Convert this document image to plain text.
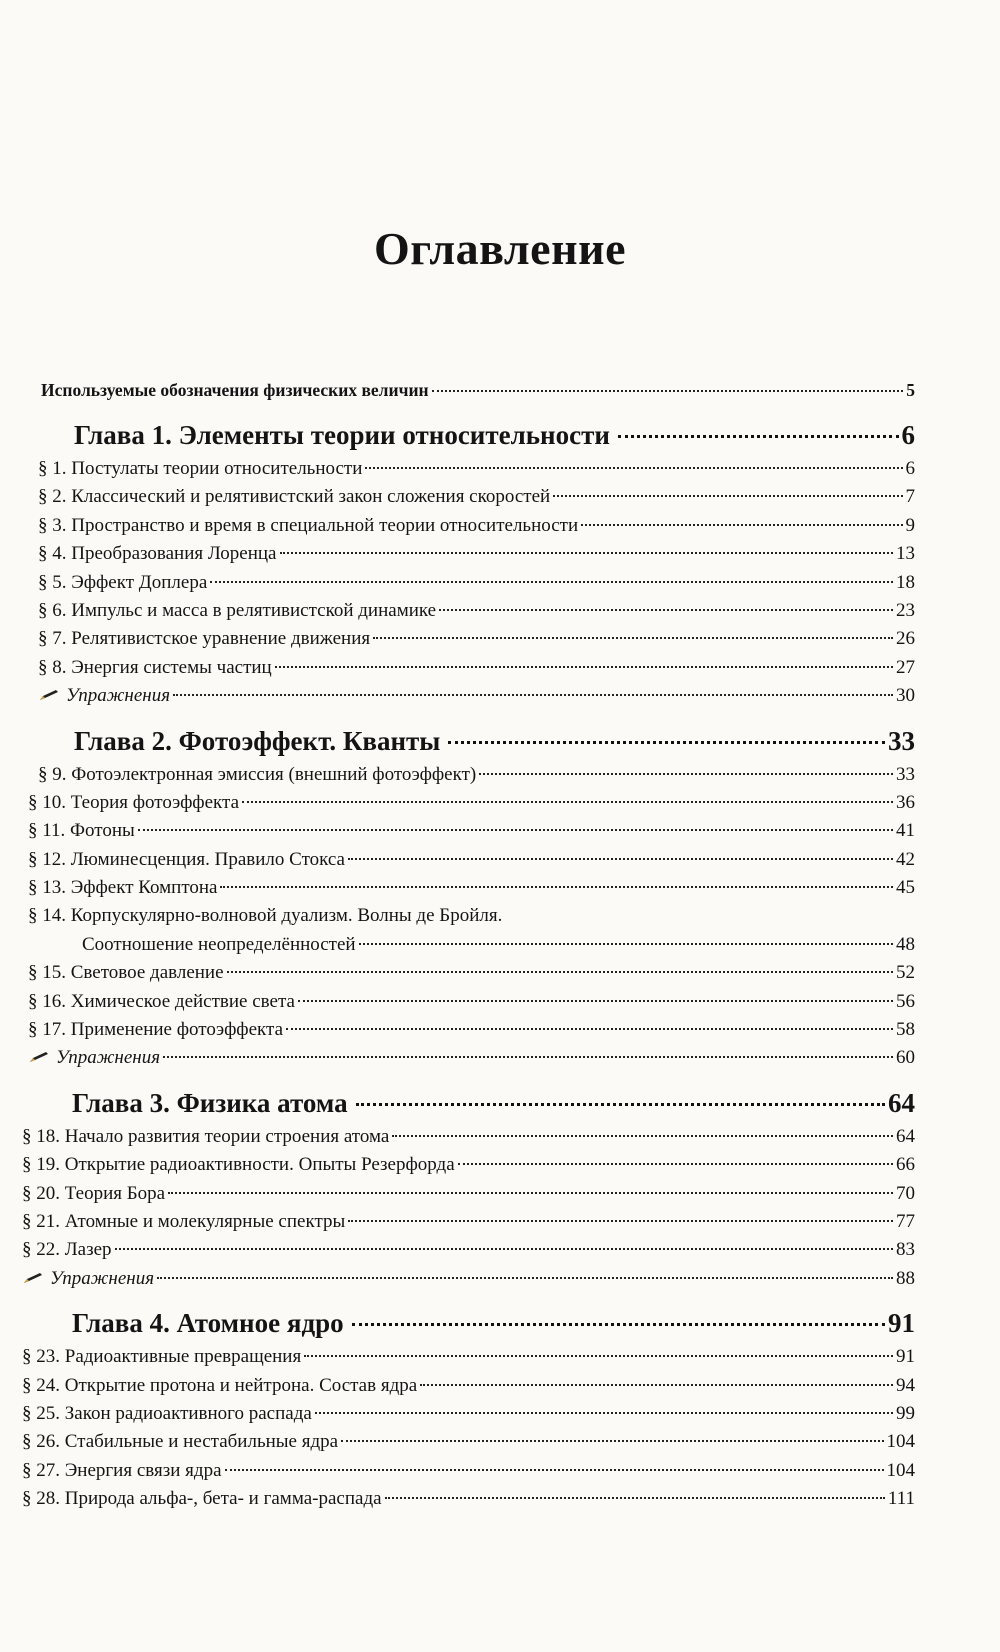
Оглавление
Используемые обозначения физических величин	5
Глава 1. Элементы теории относительности	6
§ 1. Постулаты теории относительности	6
§ 2. Классический и релятивистский закон сложения скоростей	7
§ 3. Пространство и время в специальной теории относительности	9
§ 4. Преобразования Лоренца	13
§ 5. Эффект Доплера	18
§ 6. Импульс и масса в релятивистской динамике	23
§ 7. Релятивистское уравнение движения	26
§ 8. Энергия системы частиц	27
Упражнения	30
Глава 2. Фотоэффект. Кванты	33
§ 9. Фотоэлектронная эмиссия (внешний фотоэффект)	33
§ 10. Теория фотоэффекта	36
§ 11. Фотоны	41
§ 12. Люминесценция. Правило Стокса	42
§ 13. Эффект Комптона	45
§ 14. Корпускулярно-волновой дуализм. Волны де Бройля.
Соотношение неопределённостей	48
§ 15. Световое давление	52
§ 16. Химическое действие света	56
§ 17. Применение фотоэффекта	58
Упражнения	60
Глава 3. Физика атома	64
§ 18. Начало развития теории строения атома	64
§ 19. Открытие радиоактивности. Опыты Резерфорда	66
§ 20. Теория Бора	70
§ 21. Атомные и молекулярные спектры	77
§ 22. Лазер	83
Упражнения	88
Глава 4. Атомное ядро	91
§ 23. Радиоактивные превращения	91
§ 24. Открытие протона и нейтрона. Состав ядра	94
§ 25. Закон радиоактивного распада	99
§ 26. Стабильные и нестабильные ядра	104
§ 27. Энергия связи ядра	104
§ 28. Природа альфа-, бета- и гамма-распада	111
